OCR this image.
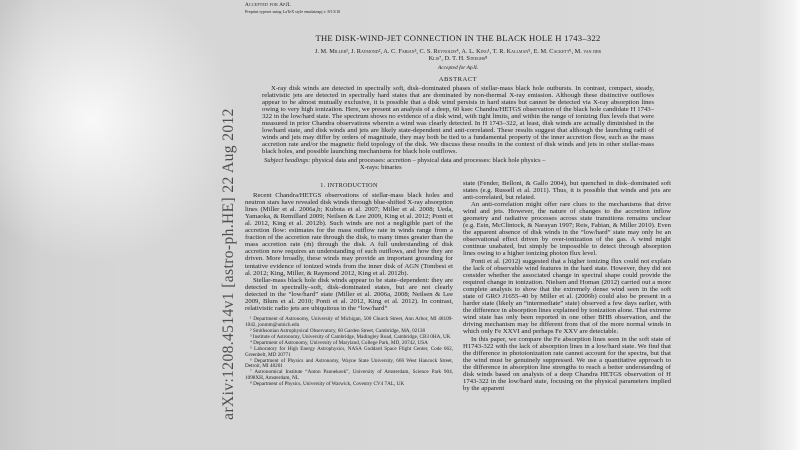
arXiv:1208.4514v1 [astro-ph.HE] 22 Aug 2012
Accepted for ApJL
Preprint typeset using LaTeX style emulateapj v. 8/13/10
THE DISK-WIND-JET CONNECTION IN THE BLACK HOLE H 1743–322
J. M. Miller¹, J. Raymond², A. C. Fabian³, C. S. Reynolds⁴, A. L. King¹, T. R. Kallman⁵, E. M. Cackett⁶, M. van der
Klis⁷, D. T. H. Steeghs⁸
Accepted for ApJL
ABSTRACT
X-ray disk winds are detected in spectrally soft, disk–dominated phases of stellar-mass black hole outbursts. In contrast, compact, steady, relativistic jets are detected in spectrally hard states that are dominated by non-thermal X-ray emission. Although these distinctive outflows appear to be almost mutually exclusive, it is possible that a disk wind persists in hard states but cannot be detected via X-ray absorption lines owing to very high ionization. Here, we present an analysis of a deep, 60 ksec Chandra/HETGS observation of the black hole candidate H 1743–322 in the low/hard state. The spectrum shows no evidence of a disk wind, with tight limits, and within the range of ionizing flux levels that were measured in prior Chandra observations wherein a wind was clearly detected. In H 1743–322, at least, disk winds are actually diminished in the low/hard state, and disk winds and jets are likely state-dependent and anti-correlated. These results suggest that although the launching radii of winds and jets may differ by orders of magnitude, they may both be tied to a fundamental property of the inner accretion flow, such as the mass accretion rate and/or the magnetic field topology of the disk. We discuss these results in the context of disk winds and jets in other stellar-mass black holes, and possible launching mechanisms for black hole outflows.
Subject headings: physical data and processes: accretion – physical data and processes: black hole physics –
X-rays: binaries
1. INTRODUCTION

Recent Chandra/HETGS observations of stellar-mass black holes and neutron stars have revealed disk winds through blue-shifted X-ray absorption lines (Miller et al. 2006a,b; Kubota et al. 2007; Miller et al. 2008; Ueda, Yamaoka, & Remillard 2009; Neilsen & Lee 2009, King et al. 2012; Ponti et al. 2012, King et al. 2012b). Such winds are not a negligible part of the accretion flow: estimates for the mass outflow rate in winds range from a fraction of the accretion rate through the disk, to many times greater than the mass accretion rate (ṁ) through the disk. A full understanding of disk accretion now requires an understanding of such outflows, and how they are driven. More broadly, these winds may provide an important grounding for tentative evidence of ionized winds from the inner disk of AGN (Tombesi et al. 2012; King, Miller, & Raymond 2012, King et al. 2012b).

Stellar-mass black hole disk winds appear to be state–dependent: they are detected in spectrally–soft, disk–dominated states, but are not clearly detected in the “low/hard” state (Miller et al. 2006a, 2008; Neilsen & Lee 2009, Blum et al. 2010; Ponti et al. 2012, King et al. 2012). In contrast, relativistic radio jets are ubiquitous in the “low/hard”

¹ Department of Astronomy, University of Michigan, 500 Church Street, Ann Arbor, MI 48109-1042, jonmm@umich.edu

² Smithsonian Astrophysical Observatory, 60 Garden Street, Cambridge, MA, 02138

³ Institute of Astronomy, University of Cambridge, Madingley Road, Cambridge, CB3 0HA, UK

⁴ Department of Astronomy, University of Maryland, College Park, MD, 20742, USA

⁵ Laboratory for High Energy Astrophysics, NASA Goddard Space Flight Center, Code 662, Greenbelt, MD 20771

⁶ Department of Physics and Astronomy, Wayne State University, 666 West Hancock Street, Detroit, MI 48201

⁷ Astronomical Institute “Anton Pannekoek”, University of Amsterdam, Science Park 904, 1098XH, Amsterdam, NL

⁸ Department of Physics, University of Warwick, Coventry CV4 7AL, UK

state (Fender, Belloni, & Gallo 2004), but quenched in disk–dominated soft states (e.g. Russell et al. 2011). Thus, it is possible that winds and jets are anti-correlated, but related.

An anti-correlation might offer rare clues to the mechanisms that drive wind and jets. However, the nature of changes to the accretion inflow geometry and radiative processes across state transitions remains unclear (e.g. Esin, McClintock, & Narayan 1997; Reis, Fabian, & Miller 2010). Even the apparent absence of disk winds in the “low/hard” state may only be an observational effect driven by over-ionization of the gas. A wind might continue unabated, but simply be impossible to detect through absorption lines owing to a higher ionizing photon flux level.

Ponti et al. (2012) suggested that a higher ionizing flux could not explain the lack of observable wind features in the hard state. However, they did not consider whether the associated change in spectral shape could provide the required change in ionization. Nielsen and Homan (2012) carried out a more complete analysis to show that the extremely dense wind seen in the soft state of GRO J1655–40 by Miller et al. (2006b) could also be present in a harder state (likely an “intermediate” state) observed a few days earlier, with the difference in absorption lines explained by ionization alone. That extreme wind state has only been reported in one other BHB observation, and the driving mechanism may be different from that of the more normal winds in which only Fe XXVI and perhaps Fe XXV are detectable.

In this paper, we compare the Fe absorption lines seen in the soft state of H1743-322 with the lack of absorption lines in a low/hard state. We find that the difference in photoionization rate cannot account for the spectra, but that the wind must be genuinely suppressed. We use a quantitative approach to the difference in absorption line strengths to reach a better understanding of disk winds based on analysis of a deep Chandra HETGS observation of H 1743-322 in the low/hard state, focusing on the physical parameters implied by the apparent
